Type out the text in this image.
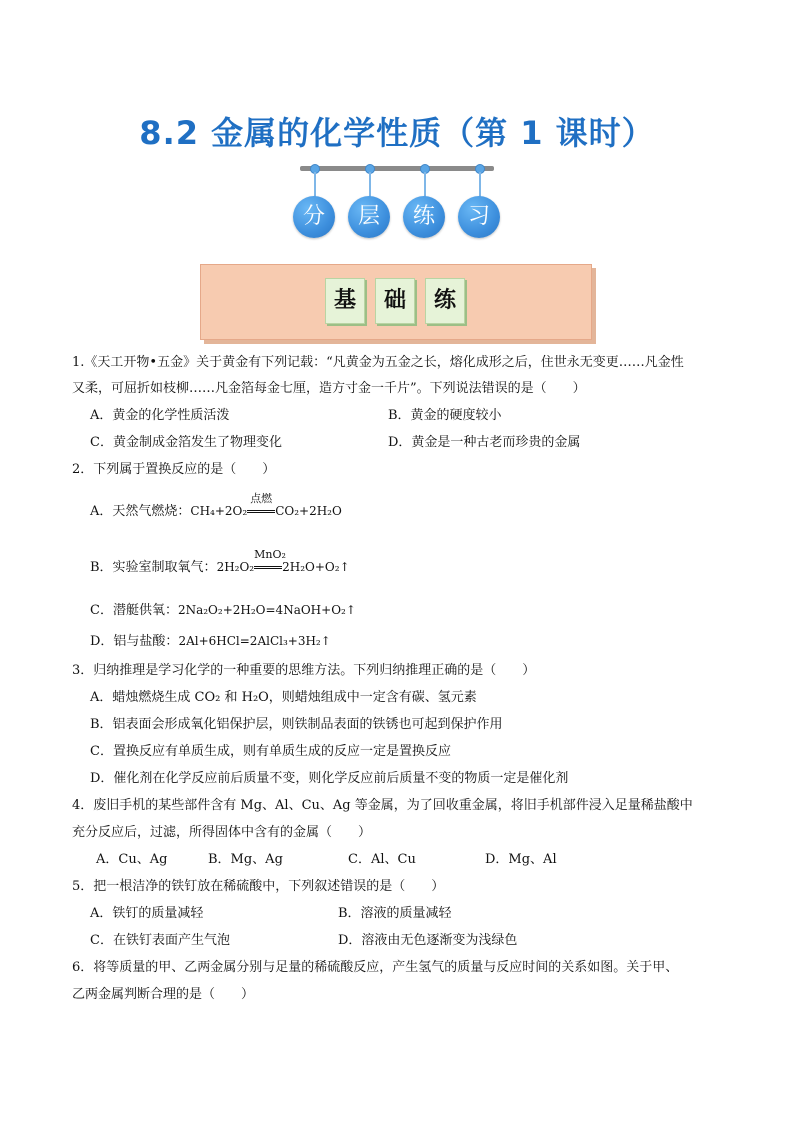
8.2 金属的化学性质（第 1 课时）
分	层	练	习
基	础	练
1.《天工开物•五金》关于黄金有下列记载：“凡黄金为五金之长，熔化成形之后，住世永无变更……凡金性
又柔，可屈折如枝柳……凡金箔每金七厘，造方寸金一千片”。下列说法错误的是（　　）
A．黄金的化学性质活泼	B．黄金的硬度较小
C．黄金制成金箔发生了物理变化	D．黄金是一种古老而珍贵的金属
2．下列属于置换反应的是（　　）
A．天然气燃烧：CH₄+2O₂
点燃
CO₂+2H₂O
B．实验室制取氧气：2H₂O₂
MnO₂
2H₂O+O₂↑
C．潜艇供氧：2Na₂O₂+2H₂O=4NaOH+O₂↑
D．铝与盐酸：2Al+6HCl=2AlCl₃+3H₂↑
3．归纳推理是学习化学的一种重要的思维方法。下列归纳推理正确的是（　　）
A．蜡烛燃烧生成 CO₂ 和 H₂O，则蜡烛组成中一定含有碳、氢元素
B．铝表面会形成氧化铝保护层，则铁制品表面的铁锈也可起到保护作用
C．置换反应有单质生成，则有单质生成的反应一定是置换反应
D．催化剂在化学反应前后质量不变，则化学反应前后质量不变的物质一定是催化剂
4．废旧手机的某些部件含有 Mg、Al、Cu、Ag 等金属，为了回收重金属，将旧手机部件浸入足量稀盐酸中
充分反应后，过滤，所得固体中含有的金属（　　）
A．Cu、Ag	B．Mg、Ag	C．Al、Cu	D．Mg、Al
5．把一根洁净的铁钉放在稀硫酸中，下列叙述错误的是（　　）
A．铁钉的质量减轻	B．溶液的质量减轻
C．在铁钉表面产生气泡	D．溶液由无色逐渐变为浅绿色
6．将等质量的甲、乙两金属分别与足量的稀硫酸反应，产生氢气的质量与反应时间的关系如图。关于甲、
乙两金属判断合理的是（　　）
